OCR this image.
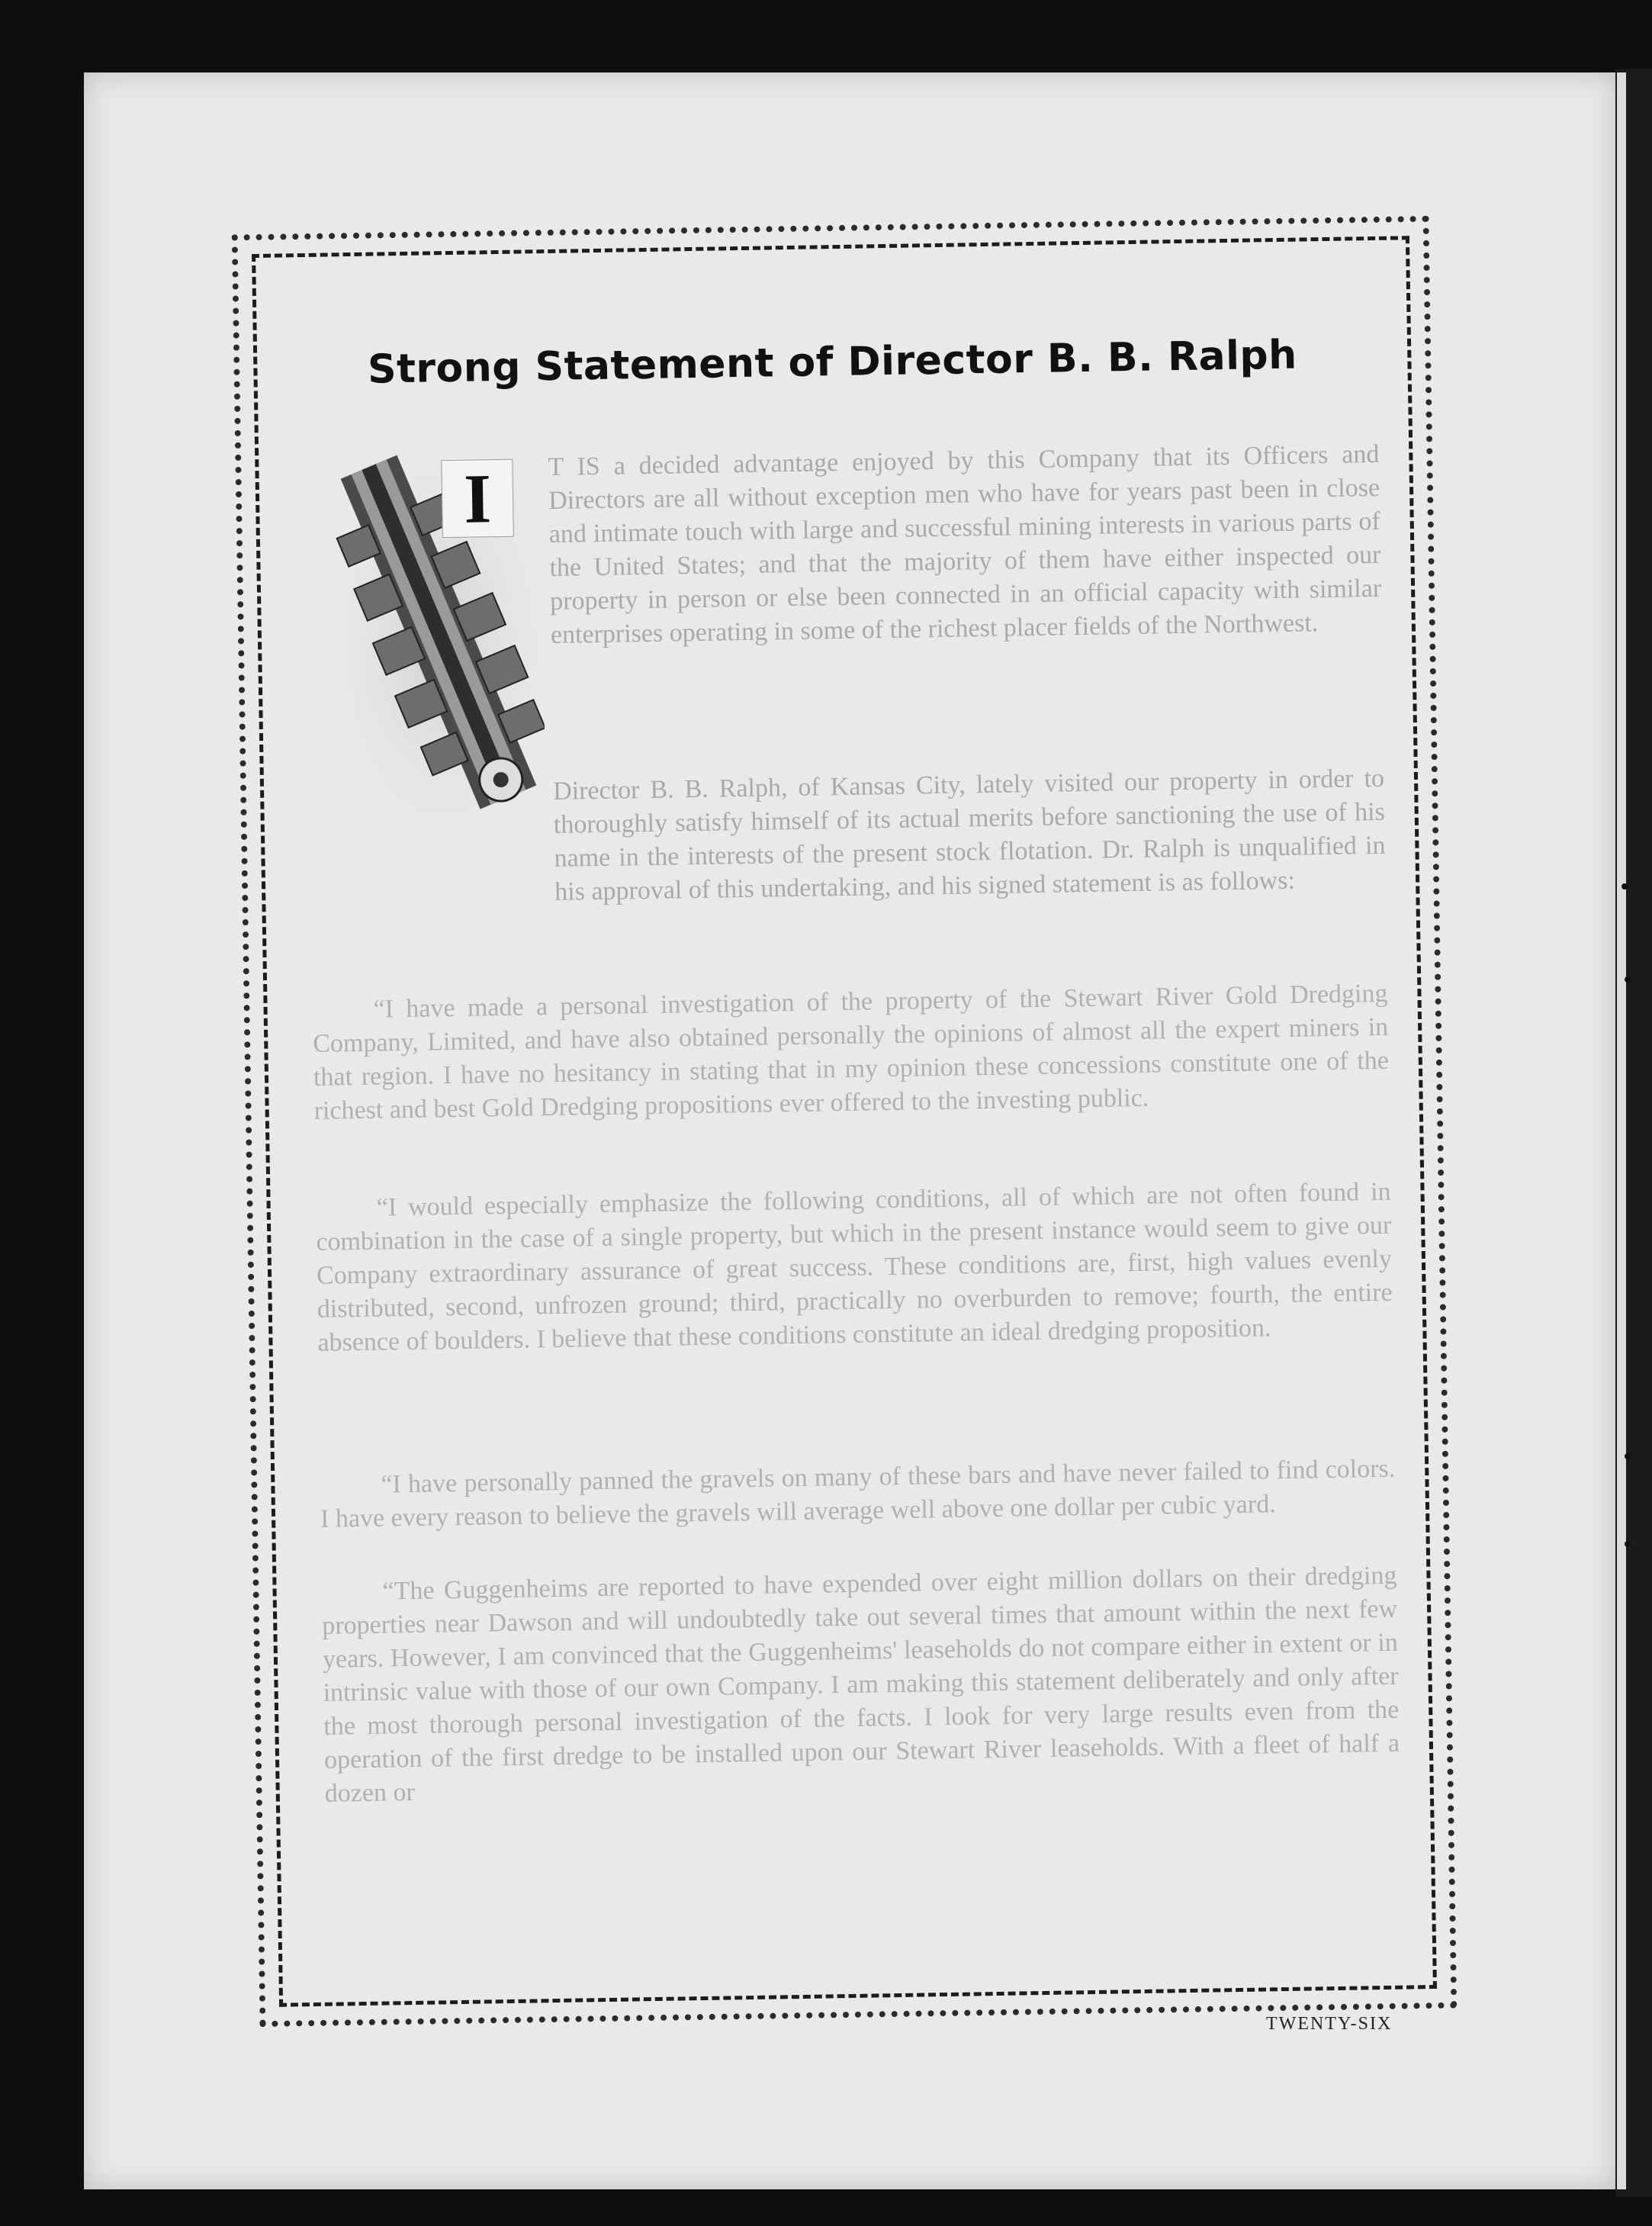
Strong Statement of Director B. B. Ralph
I	T IS a decided advantage enjoyed by this Company that its Officers and Directors are all without exception men who have for years past been in close and intimate touch with large and successful mining interests in various parts of the United States; and that the majority of them have either inspected our property in person or else been connected in an official capacity with similar enterprises operating in some of the richest placer fields of the Northwest.
Director B. B. Ralph, of Kansas City, lately visited our property in order to thoroughly satisfy himself of its actual merits before sanctioning the use of his name in the interests of the present stock flotation. Dr. Ralph is unqualified in his approval of this undertaking, and his signed statement is as follows:
“I have made a personal investigation of the property of the Stewart River Gold Dredging Company, Limited, and have also obtained personally the opinions of almost all the expert miners in that region. I have no hesitancy in stating that in my opinion these concessions constitute one of the richest and best Gold Dredging propositions ever offered to the investing public.
“I would especially emphasize the following conditions, all of which are not often found in combination in the case of a single property, but which in the present instance would seem to give our Company extraordinary assurance of great success. These conditions are, first, high values evenly distributed, second, unfrozen ground; third, practically no overburden to remove; fourth, the entire absence of boulders. I believe that these conditions constitute an ideal dredging proposition.
“I have personally panned the gravels on many of these bars and have never failed to find colors. I have every reason to believe the gravels will average well above one dollar per cubic yard.
“The Guggenheims are reported to have expended over eight million dollars on their dredging properties near Dawson and will undoubtedly take out several times that amount within the next few years. However, I am convinced that the Guggenheims' leaseholds do not compare either in extent or in intrinsic value with those of our own Company. I am making this statement deliberately and only after the most thorough personal investigation of the facts. I look for very large results even from the operation of the first dredge to be installed upon our Stewart River leaseholds. With a fleet of half a dozen or
TWENTY-SIX
